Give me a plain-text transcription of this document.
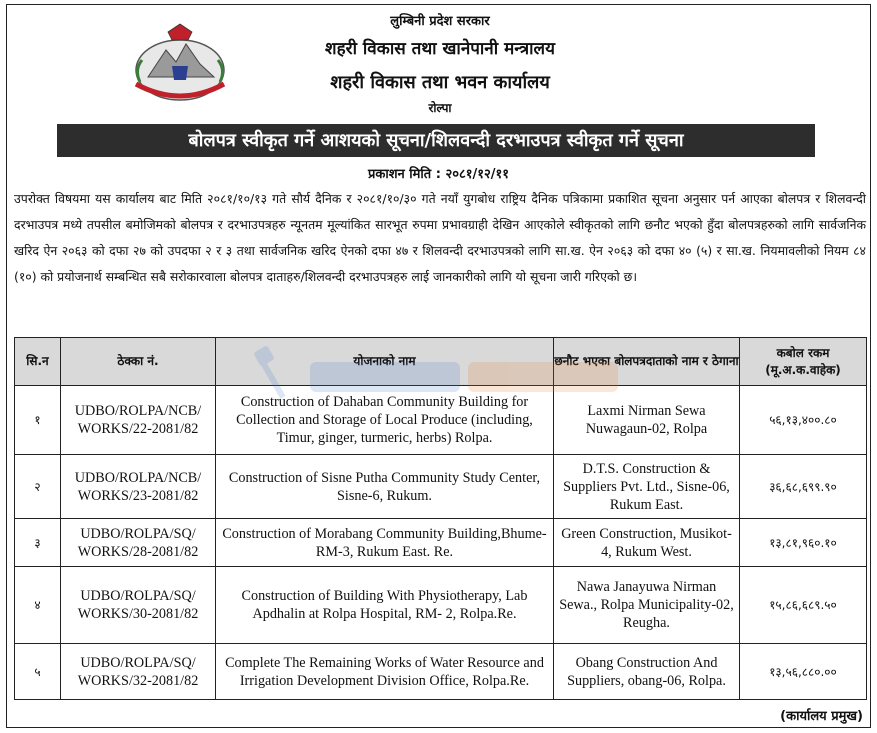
लुम्बिनी प्रदेश सरकार
शहरी विकास तथा खानेपानी मन्त्रालय
शहरी विकास तथा भवन कार्यालय
रोल्पा
बोलपत्र स्वीकृत गर्ने आशयको सूचना/शिलवन्दी दरभाउपत्र स्वीकृत गर्ने सूचना
प्रकाशन मिति : २०८१/१२/११
उपरोक्त विषयमा यस कार्यालय बाट मिति २०८१/१०/१३ गते सौर्य दैनिक र २०८१/१०/३० गते नयाँ युगबोध राष्ट्रिय दैनिक पत्रिकामा प्रकाशित सूचना अनुसार पर्न आएका बोलपत्र र शिलवन्दी दरभाउपत्र मध्ये तपसील बमोजिमको बोलपत्र र दरभाउपत्रहरु न्यूनतम मूल्यांकित सारभूत रुपमा प्रभावग्राही देखिन आएकोले स्वीकृतको लागि छनौट भएको हुँदा बोलपत्रहरुको लागि सार्वजनिक खरिद ऐन २०६३ को दफा २७ को उपदफा २ र ३ तथा सार्वजनिक खरिद ऐनको दफा ४७ र शिलवन्दी दरभाउपत्रको लागि सा.ख. ऐन २०६३ को दफा ४० (५) र सा.ख. नियमावलीको नियम ८४ (१०) को प्रयोजनार्थ सम्बन्धित सबै सरोकारवाला बोलपत्र दाताहरु/शिलवन्दी दरभाउपत्रहरु लाई जानकारीको लागि यो सूचना जारी गरिएको छ।
सि.न	ठेक्का नं.	योजनाको नाम	छनौट भएका बोलपत्रदाताको नाम र ठेगाना	कबोल रकम (मू.अ.क.वाहेक)
१	UDBO/ROLPA/NCB/ WORKS/22-2081/82	Construction of Dahaban Community Building for Collection and Storage of Local Produce (including, Timur, ginger, turmeric, herbs) Rolpa.	Laxmi Nirman Sewa Nuwagaun-02, Rolpa	५६,१३,४००.८०
२	UDBO/ROLPA/NCB/ WORKS/23-2081/82	Construction of Sisne Putha Community Study Center, Sisne-6, Rukum.	D.T.S. Construction & Suppliers Pvt. Ltd., Sisne-06, Rukum East.	३६,६८,६९९.९०
३	UDBO/ROLPA/SQ/ WORKS/28-2081/82	Construction of Morabang Community Building,Bhume-RM-3, Rukum East. Re.	Green Construction, Musikot-4, Rukum West.	१३,८१,९६०.१०
४	UDBO/ROLPA/SQ/ WORKS/30-2081/82	Construction of Building With Physiotherapy, Lab Apdhalin at Rolpa Hospital, RM- 2, Rolpa.Re.	Nawa Janayuwa Nirman Sewa., Rolpa Municipality-02, Reugha.	१५,८६,६८९.५०
५	UDBO/ROLPA/SQ/ WORKS/32-2081/82	Complete The Remaining Works of Water Resource and Irrigation Development Division Office, Rolpa.Re.	Obang Construction And Suppliers, obang-06, Rolpa.	१३,५६,८८०.००
(कार्यालय प्रमुख)
